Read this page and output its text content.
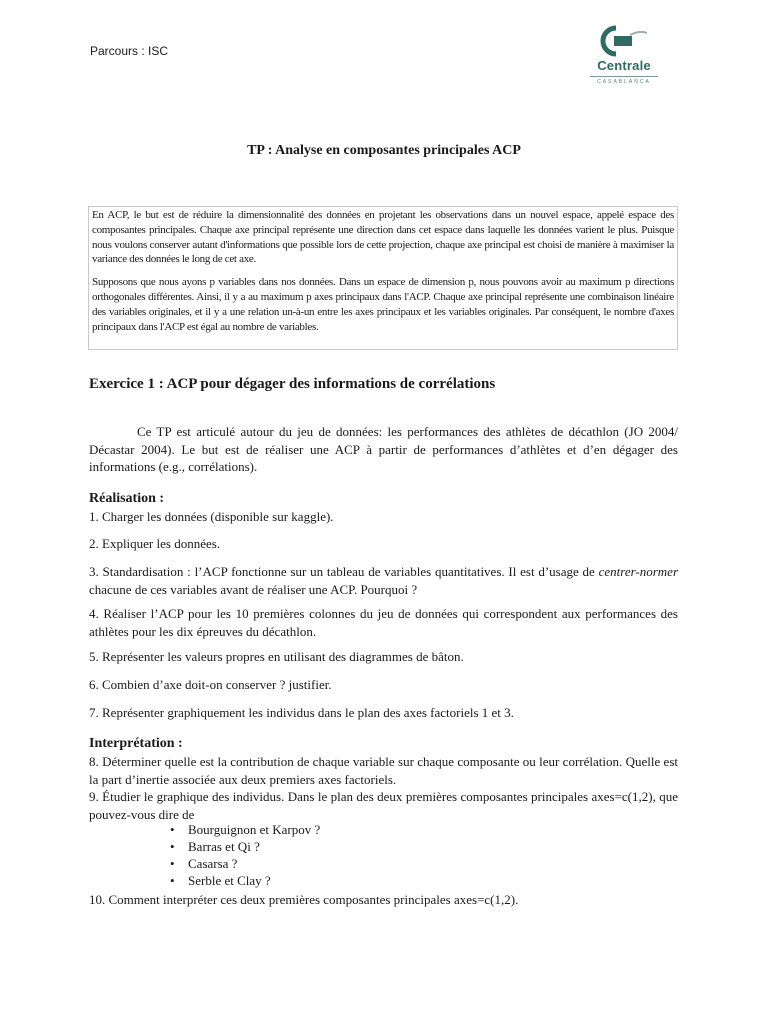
Parcours : ISC
Centrale
CASABLANCA
TP : Analyse en composantes principales ACP

En ACP, le but est de réduire la dimensionnalité des données en projetant les observations dans un nouvel espace, appelé espace des composantes principales. Chaque axe principal représente une direction dans cet espace dans laquelle les données varient le plus. Puisque nous voulons conserver autant d'informations que possible lors de cette projection, chaque axe principal est choisi de manière à maximiser la variance des données le long de cet axe.

Supposons que nous ayons p variables dans nos données. Dans un espace de dimension p, nous pouvons avoir au maximum p directions orthogonales différentes. Ainsi, il y a au maximum p axes principaux dans l'ACP. Chaque axe principal représente une combinaison linéaire des variables originales, et il y a une relation un-à-un entre les axes principaux et les variables originales. Par conséquent, le nombre d'axes principaux dans l'ACP est égal au nombre de variables.

Exercice 1 : ACP pour dégager des informations de corrélations
Ce TP est articulé autour du jeu de données: les performances des athlètes de décathlon (JO 2004/ Décastar 2004). Le but est de réaliser une ACP à partir de performances d’athlètes et d’en dégager des informations (e.g., corrélations).
Réalisation :
1. Charger les données (disponible sur kaggle).
2. Expliquer les données.
3. Standardisation : l’ACP fonctionne sur un tableau de variables quantitatives. Il est d’usage de centrer-normer chacune de ces variables avant de réaliser une ACP. Pourquoi ?
4. Réaliser l’ACP pour les 10 premières colonnes du jeu de données qui correspondent aux performances des athlètes pour les dix épreuves du décathlon.
5. Représenter les valeurs propres en utilisant des diagrammes de bâton.
6. Combien d’axe doit-on conserver ? justifier.
7. Représenter graphiquement les individus dans le plan des axes factoriels 1 et 3.
Interprétation :
8. Déterminer quelle est la contribution de chaque variable sur chaque composante ou leur corrélation. Quelle est la part d’inertie associée aux deux premiers axes factoriels.
9. Étudier le graphique des individus. Dans le plan des deux premières composantes principales axes=c(1,2), que pouvez-vous dire de
• Bourguignon et Karpov ?
• Barras et Qi ?
• Casarsa ?
• Serble et Clay ?
10. Comment interpréter ces deux premières composantes principales axes=c(1,2).
